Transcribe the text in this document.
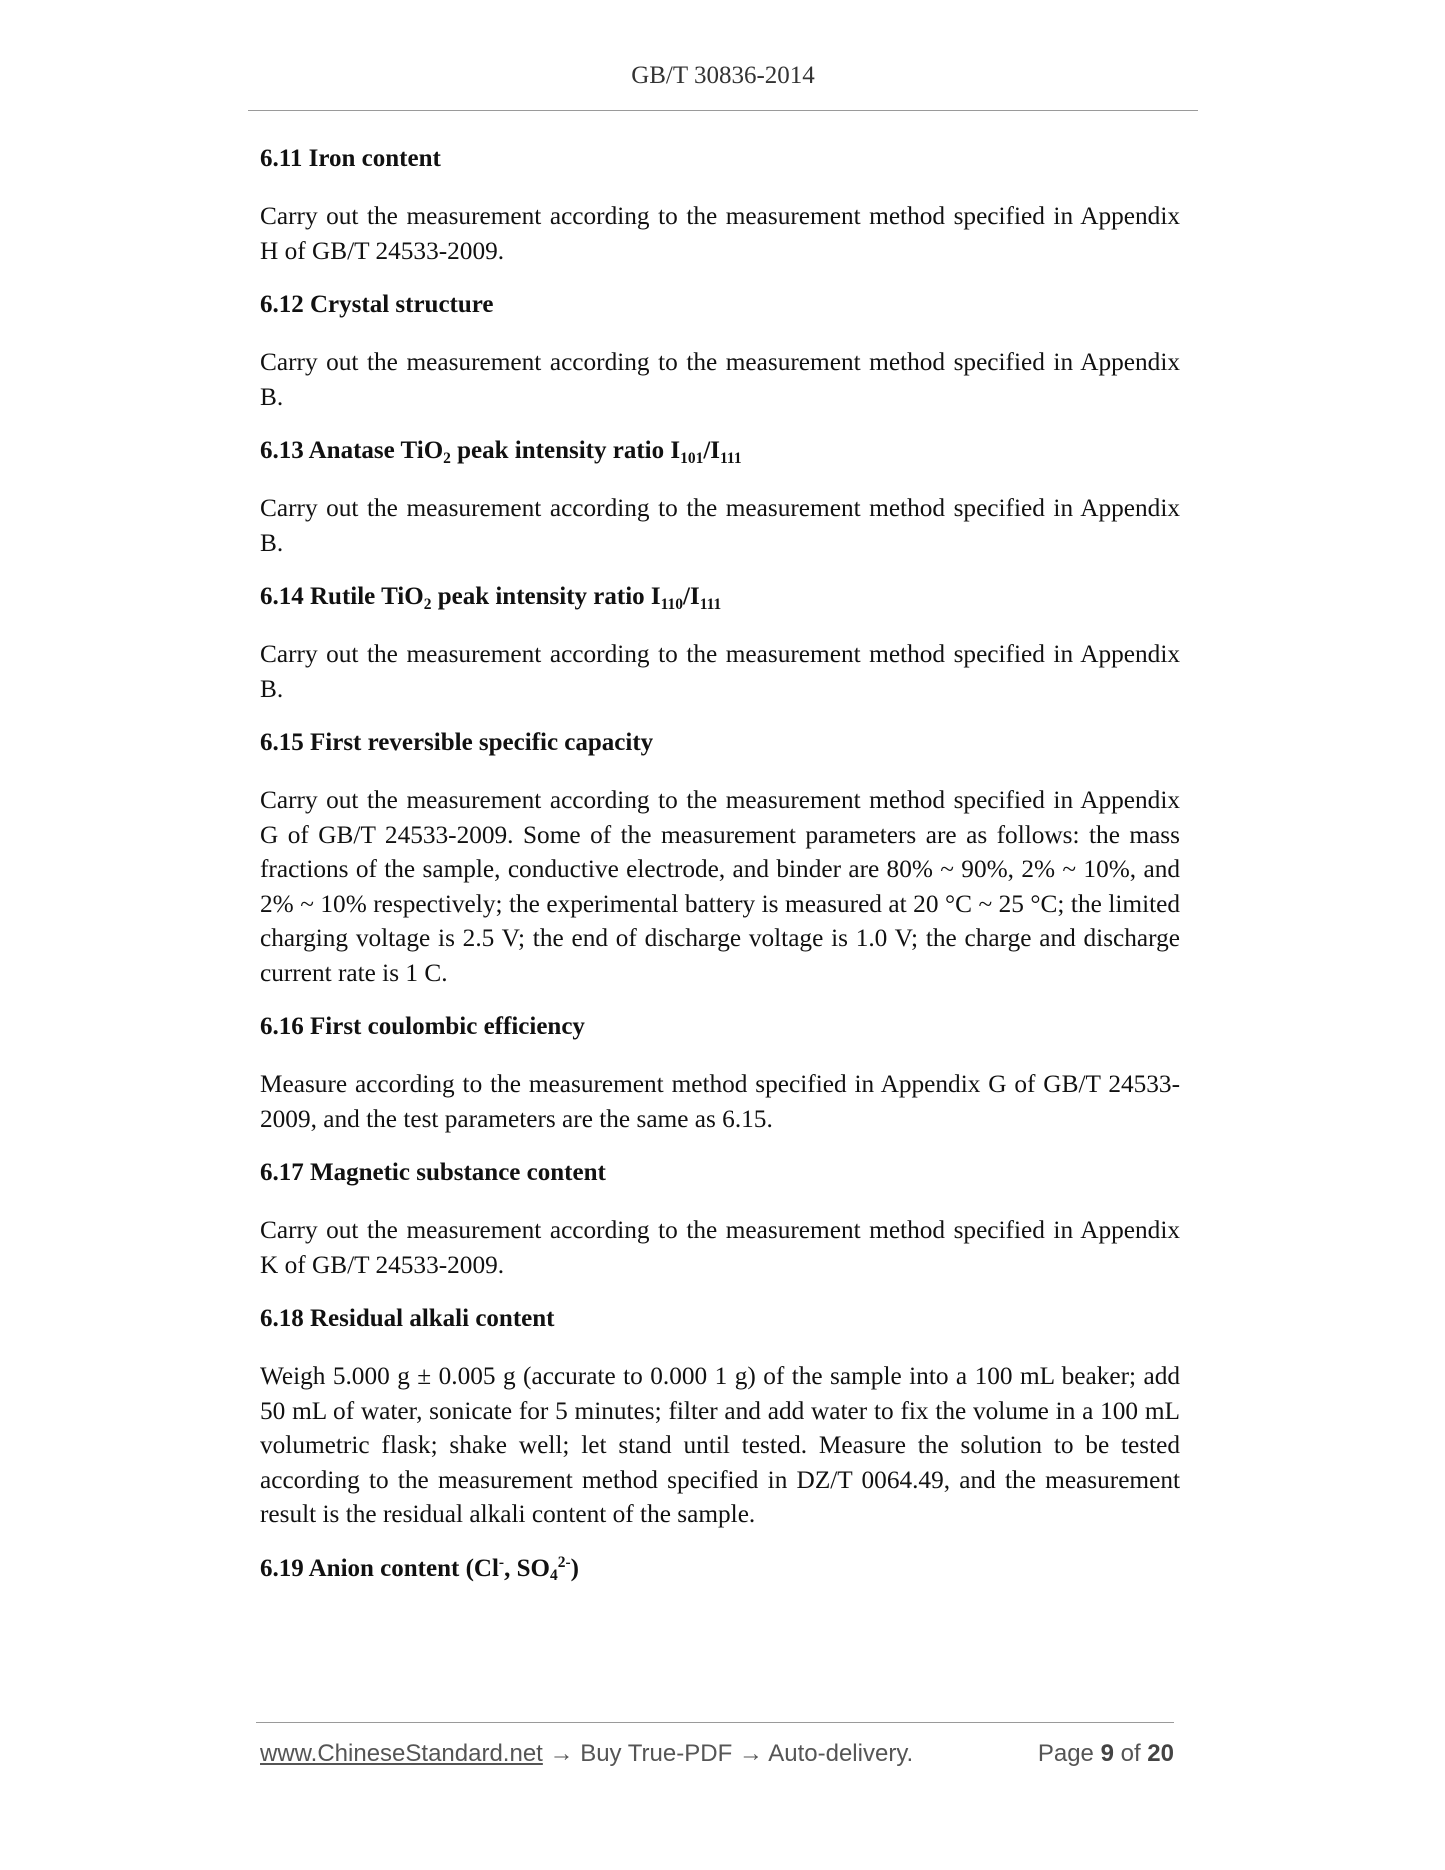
GB/T 30836-2014
6.11 Iron content

Carry out the measurement according to the measurement method specified in Appendix H of GB/T 24533-2009.

6.12 Crystal structure

Carry out the measurement according to the measurement method specified in Appendix B.

6.13 Anatase TiO2 peak intensity ratio I101/I111

Carry out the measurement according to the measurement method specified in Appendix B.

6.14 Rutile TiO2 peak intensity ratio I110/I111

Carry out the measurement according to the measurement method specified in Appendix B.

6.15 First reversible specific capacity

Carry out the measurement according to the measurement method specified in Appendix G of GB/T 24533-2009. Some of the measurement parameters are as follows: the mass fractions of the sample, conductive electrode, and binder are 80% ~ 90%, 2% ~ 10%, and 2% ~ 10% respectively; the experimental battery is measured at 20 °C ~ 25 °C; the limited charging voltage is 2.5 V; the end of discharge voltage is 1.0 V; the charge and discharge current rate is 1 C.

6.16 First coulombic efficiency

Measure according to the measurement method specified in Appendix G of GB/T 24533-2009, and the test parameters are the same as 6.15.

6.17 Magnetic substance content

Carry out the measurement according to the measurement method specified in Appendix K of GB/T 24533-2009.

6.18 Residual alkali content

Weigh 5.000 g ± 0.005 g (accurate to 0.000 1 g) of the sample into a 100 mL beaker; add 50 mL of water, sonicate for 5 minutes; filter and add water to fix the volume in a 100 mL volumetric flask; shake well; let stand until tested. Measure the solution to be tested according to the measurement method specified in DZ/T 0064.49, and the measurement result is the residual alkali content of the sample.

6.19 Anion content (Cl-, $SO4^{2-}$)
www.ChineseStandard.net → Buy True-PDF → Auto-delivery.	Page 9 of 20
